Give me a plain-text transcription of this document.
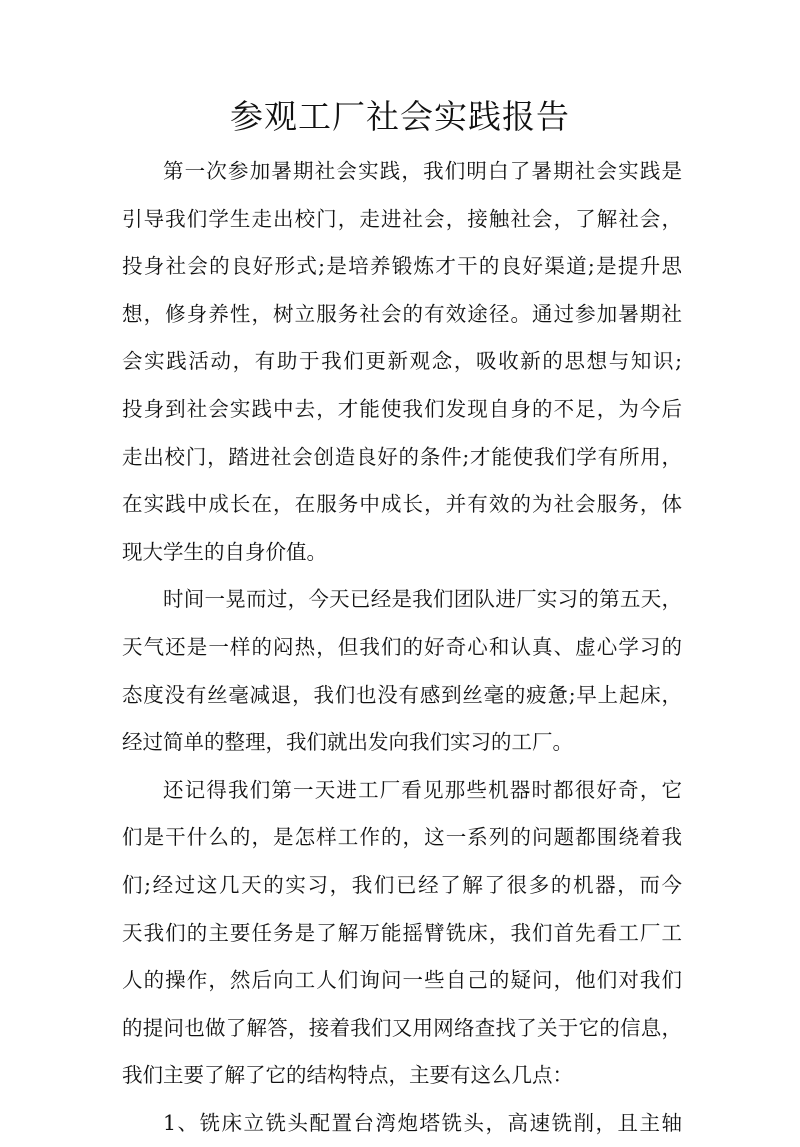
参观工厂社会实践报告
第一次参加暑期社会实践，我们明白了暑期社会实践是
引导我们学生走出校门，走进社会，接触社会，了解社会，
投身社会的良好形式;是培养锻炼才干的良好渠道;是提升思
想，修身养性，树立服务社会的有效途径。通过参加暑期社
会实践活动，有助于我们更新观念，吸收新的思想与知识;
投身到社会实践中去，才能使我们发现自身的不足，为今后
走出校门，踏进社会创造良好的条件;才能使我们学有所用，
在实践中成长在，在服务中成长，并有效的为社会服务，体
现大学生的自身价值。
时间一晃而过，今天已经是我们团队进厂实习的第五天，
天气还是一样的闷热，但我们的好奇心和认真、虚心学习的
态度没有丝毫减退，我们也没有感到丝毫的疲惫;早上起床，
经过简单的整理，我们就出发向我们实习的工厂。
还记得我们第一天进工厂看见那些机器时都很好奇，它
们是干什么的，是怎样工作的，这一系列的问题都围绕着我
们;经过这几天的实习，我们已经了解了很多的机器，而今
天我们的主要任务是了解万能摇臂铣床，我们首先看工厂工
人的操作，然后向工人们询问一些自己的疑问，他们对我们
的提问也做了解答，接着我们又用网络查找了关于它的信息，
我们主要了解了它的结构特点，主要有这么几点：
1、铣床立铣头配置台湾炮塔铣头，高速铣削，且主轴
